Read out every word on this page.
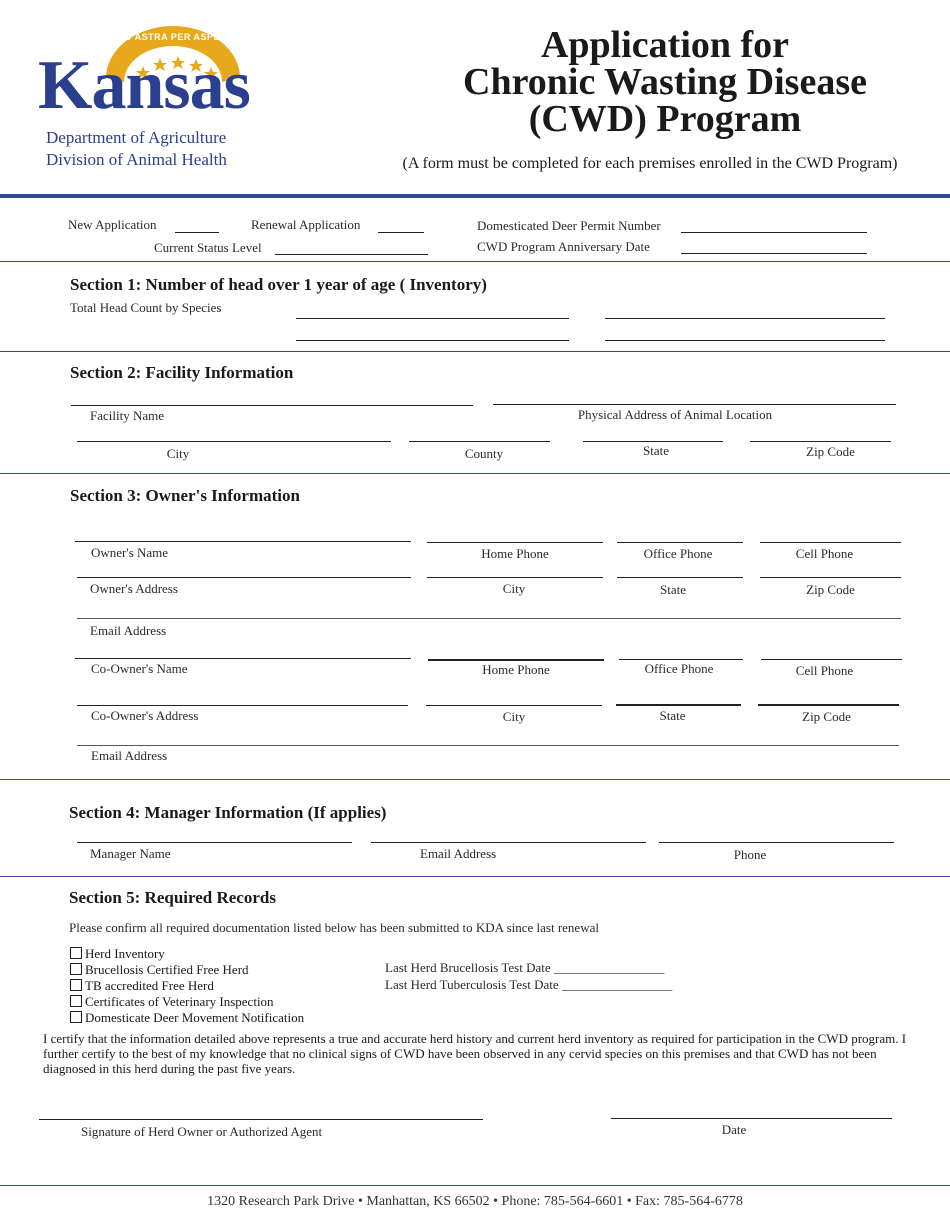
AD ASTRA PER ASPERA
Kansas
Department of Agriculture
Division of Animal Health
Application for
Chronic Wasting Disease
(CWD) Program
(A form must be completed for each premises enrolled in the CWD Program)
New Application	Renewal Application
Current Status Level
Domesticated Deer Permit Number
CWD Program Anniversary Date
Section 1: Number of head over 1 year of age ( Inventory)
Total Head Count by Species
Section 2: Facility Information
Facility Name	Physical Address of Animal Location
City	County	State	Zip Code
Section 3: Owner's Information
Owner's Name	Home Phone	Office Phone	Cell Phone
Owner's Address	City	State	Zip Code
Email Address
Co-Owner's Name	Home Phone	Office Phone	Cell Phone
Co-Owner's Address	City	State	Zip Code
Email Address
Section 4: Manager Information (If applies)
Manager Name	Email Address	Phone
Section 5: Required Records
Please confirm all required documentation listed below has been submitted to KDA since last renewal
Herd Inventory
Brucellosis Certified Free Herd
TB accredited Free Herd
Certificates of Veterinary Inspection
Domesticate Deer Movement Notification
Last Herd Brucellosis Test Date _________________
Last Herd Tuberculosis Test Date _________________
I certify that the information detailed above represents a true and accurate herd history and current herd inventory as required for participation in the CWD program. I further certify to the best of my knowledge that no clinical signs of CWD have been observed in any cervid species on this premises and that CWD has not been diagnosed in this herd during the past five years.
Signature of Herd Owner or Authorized Agent	Date
1320 Research Park Drive • Manhattan, KS 66502 • Phone: 785-564-6601 • Fax: 785-564-6778
